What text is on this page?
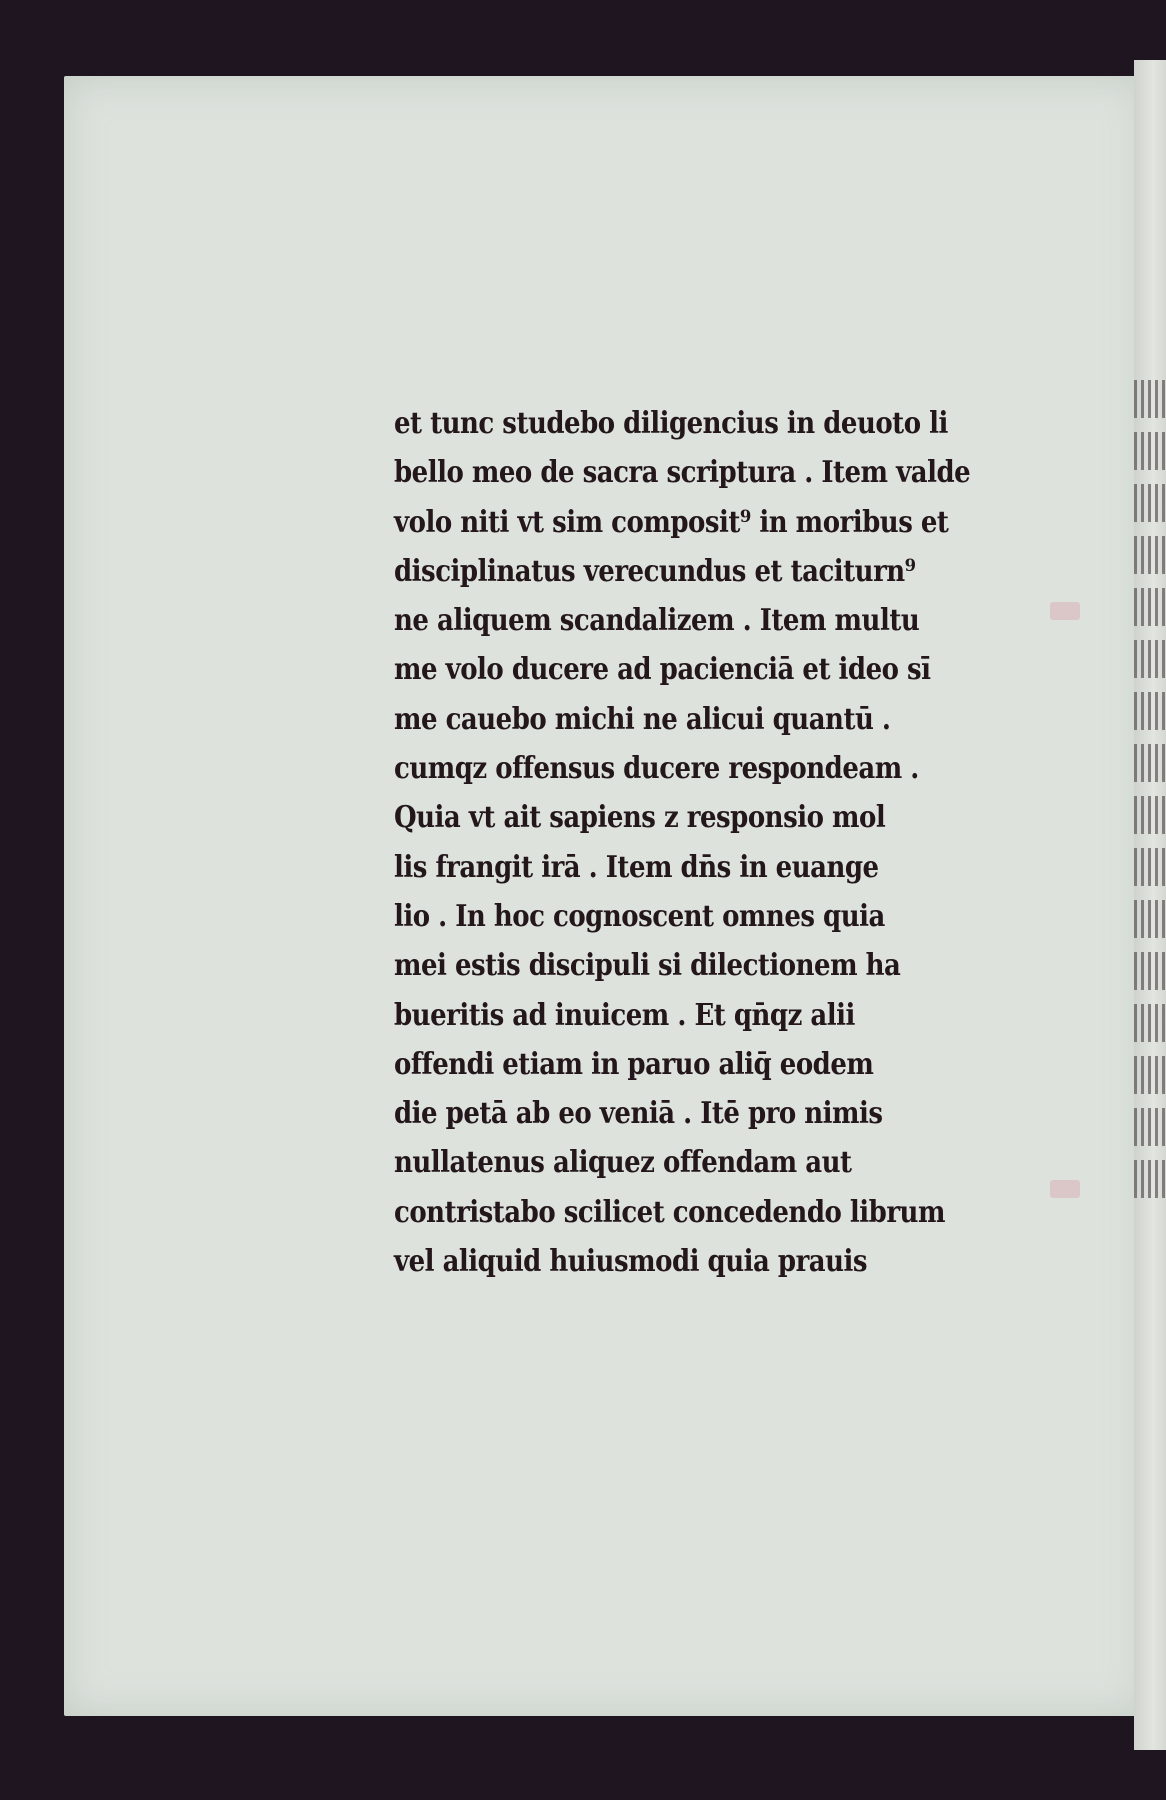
et tunc studebo diligencius in deuoto li
bello meo de sacra scriptura . Item valde
volo niti vt sim composit⁹ in moribus et
disciplinatus verecundus et taciturn⁹
ne aliquem scandalizem . Item multu
me volo ducere ad pacienciā et ideo sī
me cauebo michi ne alicui quantū .
cumqz offensus ducere respondeam .
Quia vt ait sapiens z responsio mol
lis frangit irā . Item dn̄s in euange
lio . In hoc cognoscent omnes quia
mei estis discipuli si dilectionem ha
bueritis ad inuicem . Et qn̄qz alii
offendi etiam in paruo aliq̄ eodem
die petā ab eo veniā . Itē pro nimis
nullatenus aliquez offendam aut
contristabo scilicet concedendo librum
vel aliquid huiusmodi quia prauis
